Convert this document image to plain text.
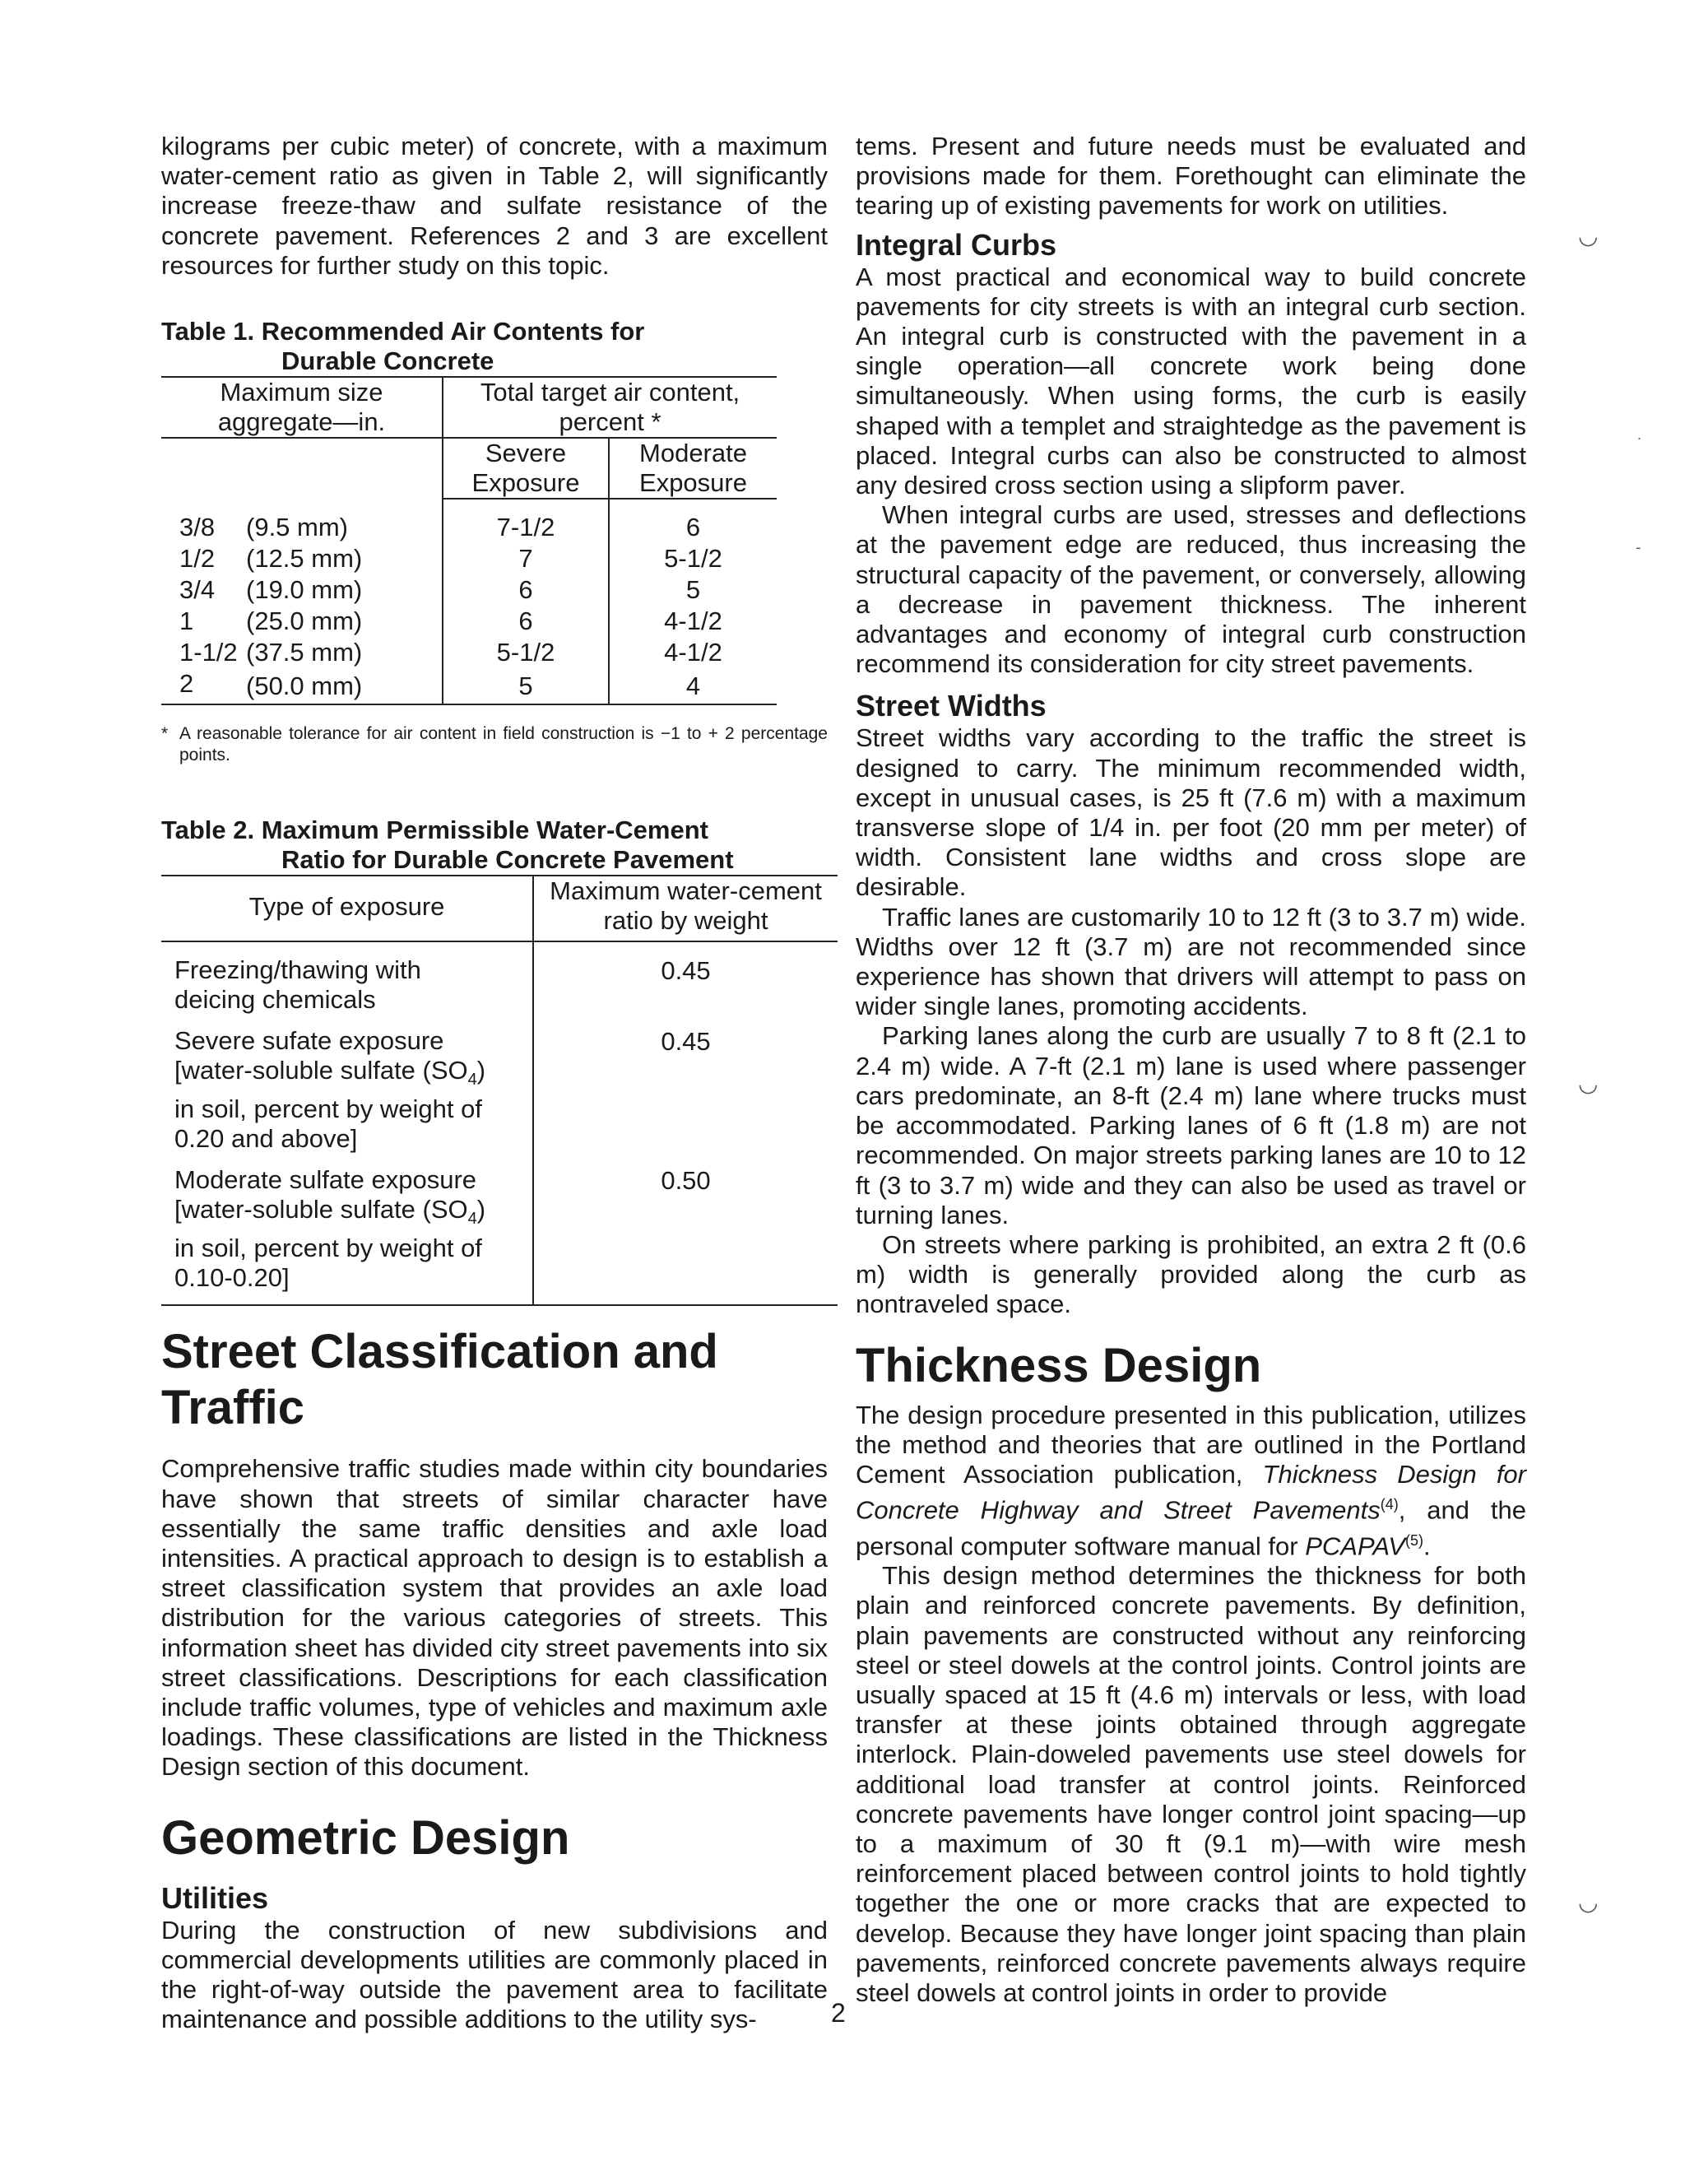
◡
˙
-
◡
◡

kilograms per cubic meter) of concrete, with a maximum water-cement ratio as given in Table 2, will significantly increase freeze-thaw and sulfate resistance of the concrete pavement. References 2 and 3 are excellent resources for further study on this topic.

Table 1. Recommended Air Contents for
Durable Concrete
Maximum size aggregate—in.		Total target air content, percent *	
		Severe Exposure	Moderate Exposure

3/8	(9.5 mm)	7-1/2	6
1/2	(12.5 mm)	7	5-1/2
3/4	(19.0 mm)	6	5
1	(25.0 mm)	6	4-1/2
1-1/2	(37.5 mm)	5-1/2	4-1/2
2	(50.0 mm)	5	4
* A reasonable tolerance for air content in field construction is −1 to + 2 percentage points.

Table 2. Maximum Permissible Water-Cement
Ratio for Durable Concrete Pavement
Type of exposure	Maximum water-cement ratio by weight

Freezing/thawing with deicing chemicals	0.45
Severe sufate exposure [water-soluble sulfate $(SO_4)$ in soil, percent by weight of 0.20 and above]	0.45
Moderate sulfate exposure [water-soluble sulfate $(SO_4)$ in soil, percent by weight of 0.10-0.20]	0.50
Street Classification and Traffic

Comprehensive traffic studies made within city boundaries have shown that streets of similar character have essentially the same traffic densities and axle load intensities. A practical approach to design is to establish a street classification system that provides an axle load distribution for the various categories of streets. This information sheet has divided city street pavements into six street classifications. Descriptions for each classification include traffic volumes, type of vehicles and maximum axle loadings. These classifications are listed in the Thickness Design section of this document.

Geometric Design
Utilities

During the construction of new subdivisions and commercial developments utilities are commonly placed in the right-of-way outside the pavement area to facilitate maintenance and possible additions to the utility sys-

tems. Present and future needs must be evaluated and provisions made for them. Forethought can eliminate the tearing up of existing pavements for work on utilities.

Integral Curbs

A most practical and economical way to build concrete pavements for city streets is with an integral curb section. An integral curb is constructed with the pavement in a single operation—all concrete work being done simultaneously. When using forms, the curb is easily shaped with a templet and straightedge as the pavement is placed. Integral curbs can also be constructed to almost any desired cross section using a slipform paver.

When integral curbs are used, stresses and deflections at the pavement edge are reduced, thus increasing the structural capacity of the pavement, or conversely, allowing a decrease in pavement thickness. The inherent advantages and economy of integral curb construction recommend its consideration for city street pavements.

Street Widths

Street widths vary according to the traffic the street is designed to carry. The minimum recommended width, except in unusual cases, is 25 ft (7.6 m) with a maximum transverse slope of 1/4 in. per foot (20 mm per meter) of width. Consistent lane widths and cross slope are desirable.

Traffic lanes are customarily 10 to 12 ft (3 to 3.7 m) wide. Widths over 12 ft (3.7 m) are not recommended since experience has shown that drivers will attempt to pass on wider single lanes, promoting accidents.

Parking lanes along the curb are usually 7 to 8 ft (2.1 to 2.4 m) wide. A 7-ft (2.1 m) lane is used where passenger cars predominate, an 8-ft (2.4 m) lane where trucks must be accommodated. Parking lanes of 6 ft (1.8 m) are not recommended. On major streets parking lanes are 10 to 12 ft (3 to 3.7 m) wide and they can also be used as travel or turning lanes.

On streets where parking is prohibited, an extra 2 ft (0.6 m) width is generally provided along the curb as nontraveled space.

Thickness Design

The design procedure presented in this publication, utilizes the method and theories that are outlined in the Portland Cement Association publication, Thickness Design for Concrete Highway and Street Pavements$^{(4)}$, and the personal computer software manual for PCAPAV$^{(5)}$.

This design method determines the thickness for both plain and reinforced concrete pavements. By definition, plain pavements are constructed without any reinforcing steel or steel dowels at the control joints. Control joints are usually spaced at 15 ft (4.6 m) intervals or less, with load transfer at these joints obtained through aggregate interlock. Plain-doweled pavements use steel dowels for additional load transfer at control joints. Reinforced concrete pavements have longer control joint spacing—up to a maximum of 30 ft (9.1 m)—with wire mesh reinforcement placed between control joints to hold tightly together the one or more cracks that are expected to develop. Because they have longer joint spacing than plain pavements, reinforced concrete pavements always require steel dowels at control joints in order to provide

2
